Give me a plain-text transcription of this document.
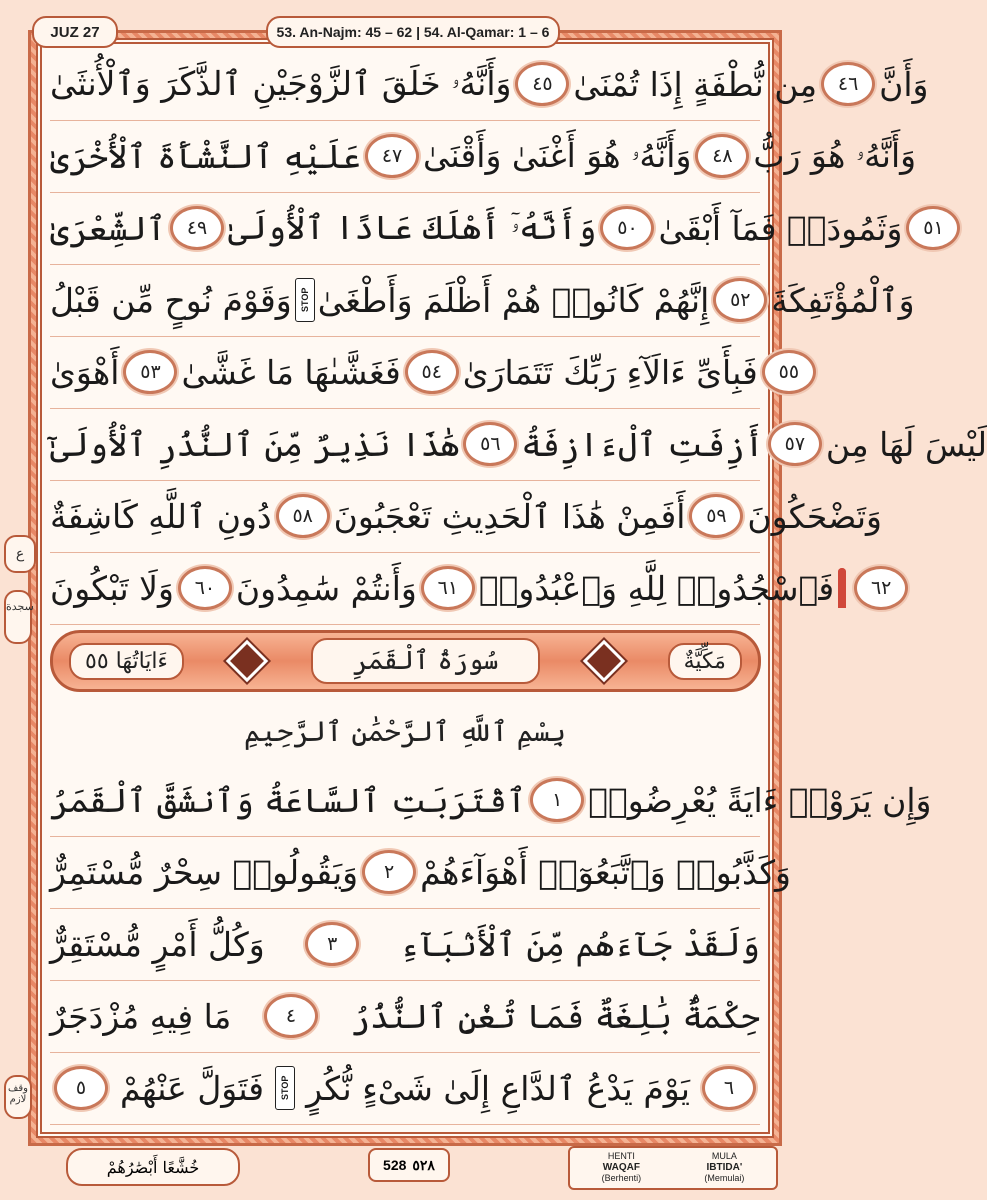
JUZ 27	53. An-Najm: 45 – 62 | 54. Al-Qamar: 1 – 6
ع
سجدة
وقف لازم
وَأَنَّهُۥ خَلَقَ ٱلزَّوْجَيْنِ ٱلذَّكَرَ وَٱلْأُنثَىٰ	٤٥ مِن نُّطْفَةٍ إِذَا تُمْنَىٰ	٤٦ وَأَنَّ
عَلَيْهِ ٱلنَّشْأَةَ ٱلْأُخْرَىٰ	٤٧ وَأَنَّهُۥ هُوَ أَغْنَىٰ وَأَقْنَىٰ	٤٨ وَأَنَّهُۥ هُوَ رَبُّ
ٱلشِّعْرَىٰ	٤٩ وَأَنَّهُۥٓ أَهْلَكَ عَادًا ٱلْأُولَىٰ	٥٠ وَثَمُودَا۟ فَمَآ أَبْقَىٰ	٥١
وَقَوْمَ نُوحٍ مِّن قَبْلُ STOP إِنَّهُمْ كَانُوا۟ هُمْ أَظْلَمَ وَأَطْغَىٰ	٥٢ وَٱلْمُؤْتَفِكَةَ
أَهْوَىٰ	٥٣ فَغَشَّىٰهَا مَا غَشَّىٰ	٥٤ فَبِأَىِّ ءَالَآءِ رَبِّكَ تَتَمَارَىٰ	٥٥
هَٰذَا نَذِيرٌ مِّنَ ٱلنُّذُرِ ٱلْأُولَىٰٓ	٥٦ أَزِفَتِ ٱلْءَازِفَةُ	٥٧ لَيْسَ لَهَا مِن
دُونِ ٱللَّهِ كَاشِفَةٌ	٥٨ أَفَمِنْ هَٰذَا ٱلْحَدِيثِ تَعْجَبُونَ	٥٩ وَتَضْحَكُونَ
وَلَا تَبْكُونَ	٦٠ وَأَنتُمْ سَٰمِدُونَ	٦١ فَٱسْجُدُوا۟ لِلَّهِ وَٱعْبُدُوا۟	٦٢
ءَايَاتُهَا ٥٥	سُورَةُ ٱلْقَمَرِ	مَكِّيَّةٌ
بِسْمِ ٱللَّهِ ٱلرَّحْمَٰنِ ٱلرَّحِيمِ
ٱقْتَرَبَتِ ٱلسَّاعَةُ وَٱنشَقَّ ٱلْقَمَرُ	١ وَإِن يَرَوْا۟ ءَايَةً يُعْرِضُوا۟
وَيَقُولُوا۟ سِحْرٌ مُّسْتَمِرٌّ	٢ وَكَذَّبُوا۟ وَٱتَّبَعُوٓا۟ أَهْوَآءَهُمْ
وَكُلُّ أَمْرٍ مُّسْتَقِرٌّ	٣	وَلَقَدْ جَآءَهُم مِّنَ ٱلْأَنۢبَآءِ
مَا فِيهِ مُزْدَجَرٌ	٤	حِكْمَةٌۢ بَٰلِغَةٌ فَمَا تُغْنِ ٱلنُّذُرُ
٥	فَتَوَلَّ عَنْهُمْ	STOP يَوْمَ يَدْعُ ٱلدَّاعِ إِلَىٰ شَىْءٍ نُّكُرٍ	٦
خُشَّعًا أَبْصَٰرُهُمْ	528 ٥٢٨
HENTI
WAQAF
(Berhenti)
MULA
IBTIDA'
(Memulai)
